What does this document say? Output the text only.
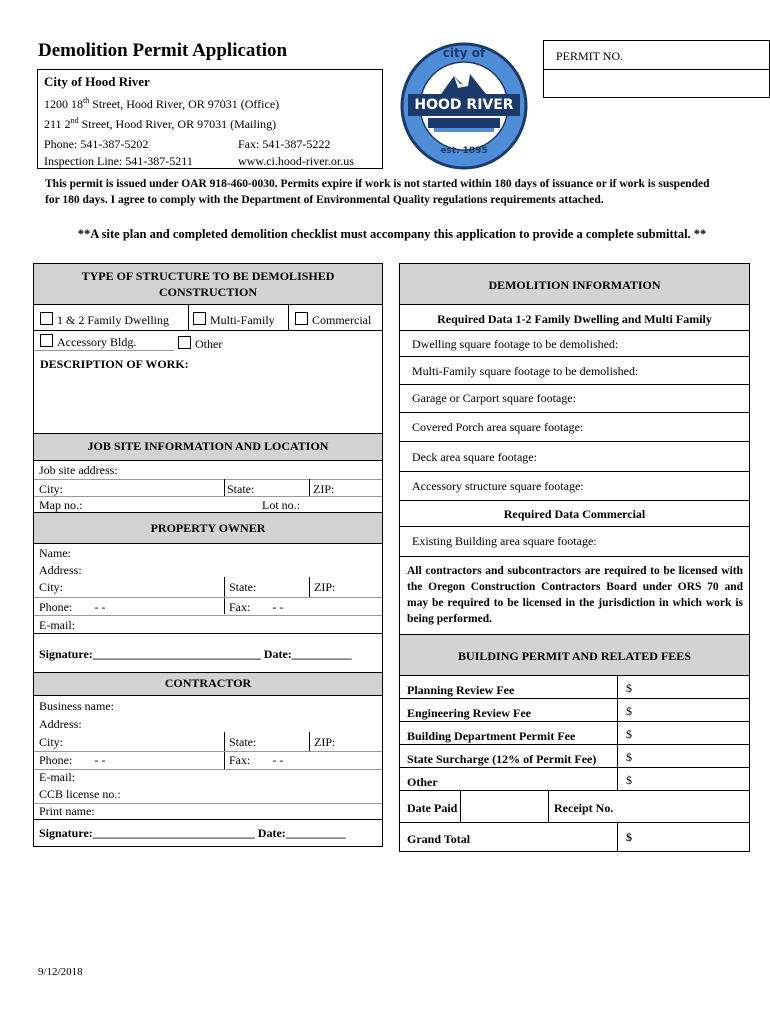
Demolition Permit Application	PERMIT NO.
City of Hood River
1200 18th Street, Hood River, OR 97031 (Office)
211 2nd Street, Hood River, OR 97031 (Mailing)
Phone: 541-387-5202	Fax: 541-387-5222
Inspection Line: 541-387-5211	www.ci.hood-river.or.us
city of
HOOD RIVER
est. 1895
This permit is issued under OAR 918-460-0030. Permits expire if work is not started within 180 days of issuance or if work is suspended for 180 days. I agree to comply with the Department of Environmental Quality regulations requirements attached.
**A site plan and completed demolition checklist must accompany this application to provide a complete submittal. **
TYPE OF STRUCTURE TO BE DEMOLISHED
CONSTRUCTION
1 & 2 Family Dwelling	Multi-Family	Commercial
Accessory Bldg.	Other
DESCRIPTION OF WORK:
JOB SITE INFORMATION AND LOCATION
Job site address:
City:	State:	ZIP:
Map no.:	Lot no.:
PROPERTY OWNER
Name:
Address:
City:	State:	ZIP:
Phone: - -	Fax: - -
E-mail:
Signature:____________________________ Date:__________
CONTRACTOR
Business name:
Address:
City:	State:	ZIP:
Phone: - -	Fax: - -
E-mail:
CCB license no.:
Print name:
Signature:___________________________ Date:__________
DEMOLITION INFORMATION
Required Data 1-2 Family Dwelling and Multi Family
Dwelling square footage to be demolished:
Multi-Family square footage to be demolished:
Garage or Carport square footage:
Covered Porch area square footage:
Deck area square footage:
Accessory structure square footage:
Required Data Commercial
Existing Building area square footage:
All contractors and subcontractors are required to be licensed with the Oregon Construction Contractors Board under ORS 70 and may be required to be licensed in the jurisdiction in which work is being performed.
BUILDING PERMIT AND RELATED FEES
Planning Review Fee	$
Engineering Review Fee	$
Building Department Permit Fee	$
State Surcharge (12% of Permit Fee) $
Other	$
Date Paid	Receipt No.
Grand Total	$
9/12/2018
